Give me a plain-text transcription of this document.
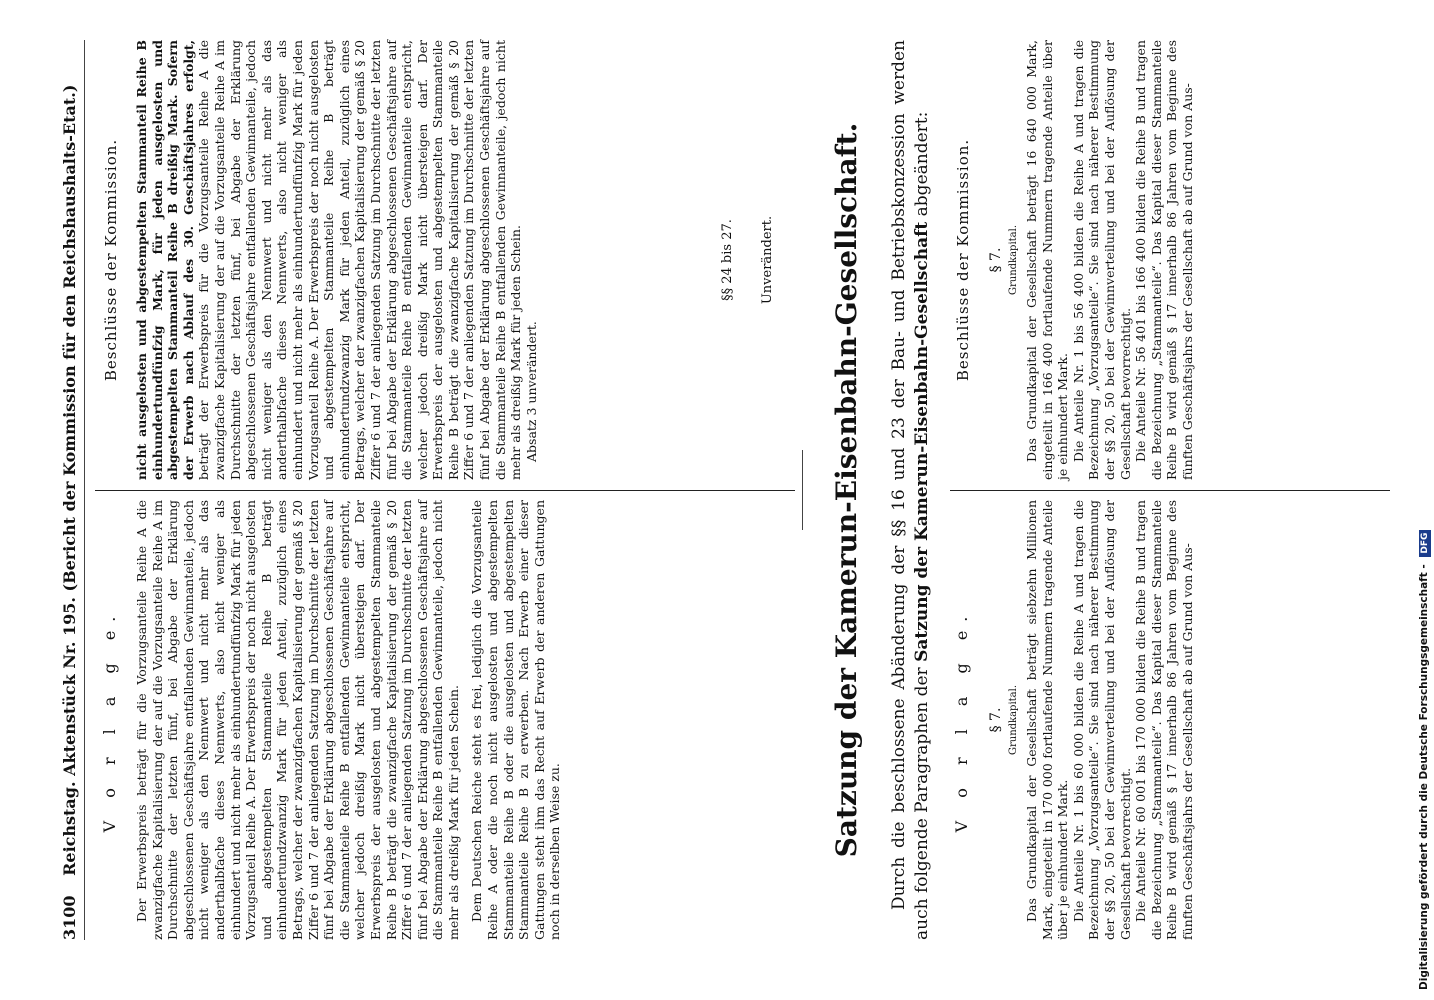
3100 Reichstag. Aktenstück Nr. 195. (Bericht der Kommission für den Reichshaushalts-Etat.) V o r l a g e.
Beschlüsse der Kommission.

Der Erwerbspreis beträgt für die Vorzugsanteile Reihe A die zwanzigfache Kapitalisierung der auf die Vorzugsanteile Reihe A im Durchschnitte der letzten fünf, bei Abgabe der Erklärung abgeschlossenen Geschäftsjahre entfallenden Gewinnanteile, jedoch nicht weniger als den Nennwert und nicht mehr als das anderthalbfache dieses Nennwerts, also nicht weniger als einhundert und nicht mehr als einhundertundfünfzig Mark für jeden Vorzugsanteil Reihe A. Der Erwerbspreis der noch nicht ausgelosten und abgestempelten Stammanteile Reihe B beträgt einhundertundzwanzig Mark für jeden Anteil, zuzüglich eines Betrags, welcher der zwanzigfachen Kapitalisierung der gemäß § 20 Ziffer 6 und 7 der anliegenden Satzung im Durchschnitte der letzten fünf bei Abgabe der Erklärung abgeschlossenen Geschäftsjahre auf die Stammanteile Reihe B entfallenden Gewinnanteile entspricht, welcher jedoch dreißig Mark nicht übersteigen darf. Der Erwerbspreis der ausgelosten und abgestempelten Stammanteile Reihe B beträgt die zwanzigfache Kapitalisierung der gemäß § 20 Ziffer 6 und 7 der anliegenden Satzung im Durchschnitte der letzten fünf bei Abgabe der Erklärung abgeschlossenen Geschäftsjahre auf die Stammanteile Reihe B entfallenden Gewinnanteile, jedoch nicht mehr als dreißig Mark für jeden Schein. Dem Deutschen Reiche steht es frei, lediglich die Vorzugsanteile Reihe A oder die noch nicht ausgelosten und abgestempelten Stammanteile Reihe B oder die ausgelosten und abgestempelten Stammanteile Reihe B zu erwerben. Nach Erwerb einer dieser Gattungen steht ihm das Recht auf Erwerb der anderen Gattungen noch in derselben Weise zu.

nicht ausgelosten und abgestempelten Stammanteil Reihe B einhundertundfünfzig Mark, für jeden ausgelosten und abgestempelten Stammanteil Reihe B dreißig Mark. Sofern der Erwerb nach Ablauf des 30. Geschäftsjahres erfolgt, beträgt der Erwerbspreis für die Vorzugsanteile Reihe A die zwanzigfache Kapitalisierung der auf die Vorzugsanteile Reihe A im Durchschnitte der letzten fünf, bei Abgabe der Erklärung abgeschlossenen Geschäftsjahre entfallenden Gewinnanteile, jedoch nicht weniger als den Nennwert und nicht mehr als das anderthalbfache dieses Nennwerts, also nicht weniger als einhundert und nicht mehr als einhundertundfünfzig Mark für jeden Vorzugsanteil Reihe A. Der Erwerbspreis der noch nicht ausgelosten und abgestempelten Stammanteile Reihe B beträgt einhundertundzwanzig Mark für jeden Anteil, zuzüglich eines Betrags, welcher der zwanzigfachen Kapitalisierung der gemäß § 20 Ziffer 6 und 7 der anliegenden Satzung im Durchschnitte der letzten fünf bei Abgabe der Erklärung abgeschlossenen Geschäftsjahre auf die Stammanteile Reihe B entfallenden Gewinnanteile entspricht, welcher jedoch dreißig Mark nicht übersteigen darf. Der Erwerbspreis der ausgelosten und abgestempelten Stammanteile Reihe B beträgt die zwanzigfache Kapitalisierung der gemäß § 20 Ziffer 6 und 7 der anliegenden Satzung im Durchschnitte der letzten fünf bei Abgabe der Erklärung abgeschlossenen Geschäftsjahre auf die Stammanteile Reihe B entfallenden Gewinnanteile, jedoch nicht mehr als dreißig Mark für jeden Schein. Absatz 3 unverändert.

§§ 24 bis 27. Unverändert. Satzung der Kamerun-Eisenbahn-Gesellschaft. Durch die beschlossene Abänderung der §§ 16 und 23 der Bau- und Betriebskonzession werden auch folgende Paragraphen der Satzung der Kamerun-Eisenbahn-Gesellschaft abgeändert:
V o r l a g e.
Beschlüsse der Kommission.
§ 7. Grundkapital.
§ 7. Grundkapital.

Das Grundkapital der Gesellschaft beträgt siebzehn Millionen Mark, eingeteilt in 170 000 fortlaufende Nummern tragende Anteile über je einhundert Mark. Die Anteile Nr. 1 bis 60 000 bilden die Reihe A und tragen die Bezeichnung „Vorzugsanteile“. Sie sind nach näherer Bestimmung der §§ 20, 50 bei der Gewinnverteilung und bei der Auflösung der Gesellschaft bevorrechtigt. Die Anteile Nr. 60 001 bis 170 000 bilden die Reihe B und tragen die Bezeichnung „Stammanteile“. Das Kapital dieser Stammanteile Reihe B wird gemäß § 17 innerhalb 86 Jahren vom Beginne des fünften Geschäftsjahrs der Gesellschaft ab auf Grund von Aus-

Das Grundkapital der Gesellschaft beträgt 16 640 000 Mark, eingeteilt in 166 400 fortlaufende Nummern tragende Anteile über je einhundert Mark. Die Anteile Nr. 1 bis 56 400 bilden die Reihe A und tragen die Bezeichnung „Vorzugsanteile“. Sie sind nach näherer Bestimmung der §§ 20, 50 bei der Gewinnverteilung und bei der Auflösung der Gesellschaft bevorrechtigt. Die Anteile Nr. 56 401 bis 166 400 bilden die Reihe B und tragen die Bezeichnung „Stammanteile“. Das Kapital dieser Stammanteile Reihe B wird gemäß § 17 innerhalb 86 Jahren vom Beginne des fünften Geschäftsjahrs der Gesellschaft ab auf Grund von Aus-

Digitalisierung gefördert durch die Deutsche Forschungsgemeinschaft - DFG
